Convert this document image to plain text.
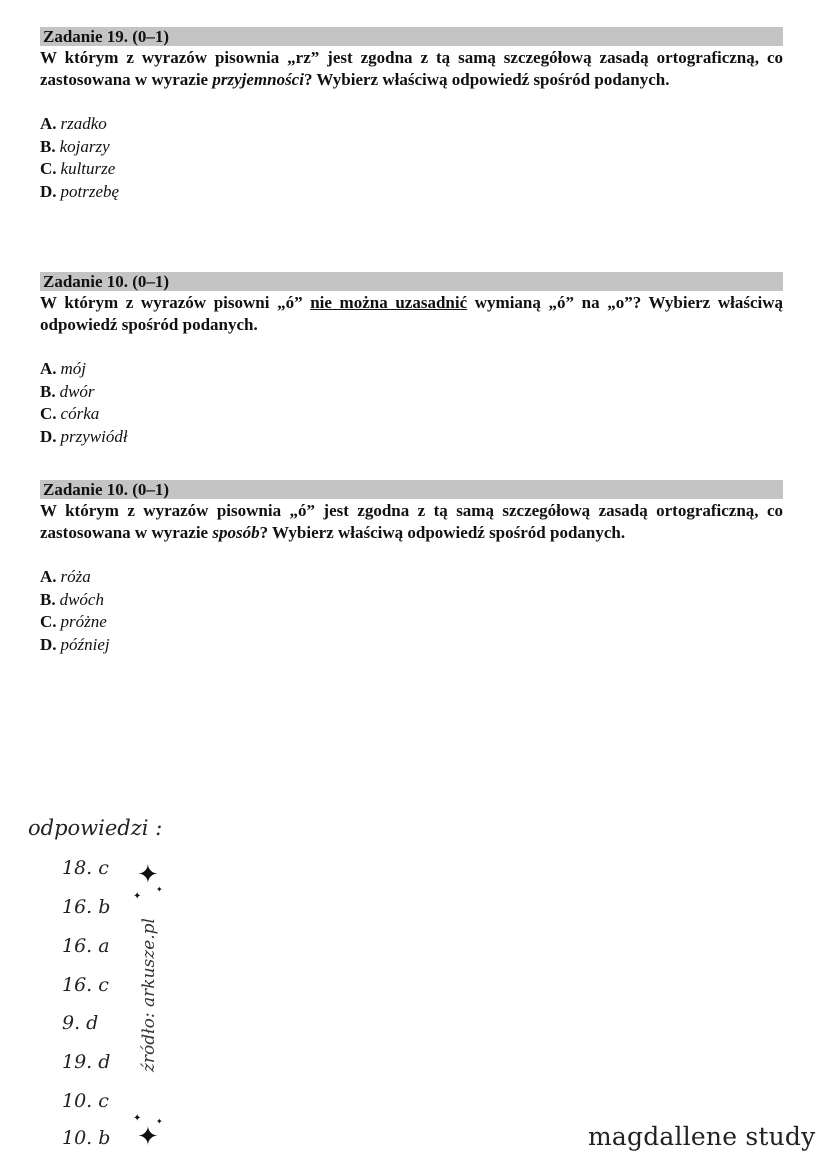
Zadanie 19. (0–1)

W którym z wyrazów pisownia „rz” jest zgodna z tą samą szczegółową zasadą ortograficzną, co zastosowana w wyrazie przyjemności? Wybierz właściwą odpowiedź spośród podanych.

A. rzadko
B. kojarzy
C. kulturze
D. potrzebę
Zadanie 10. (0–1)

W którym z wyrazów pisowni „ó” nie można uzasadnić wymianą „ó” na „o”? Wybierz właściwą odpowiedź spośród podanych.

A. mój
B. dwór
C. córka
D. przywiódł
Zadanie 10. (0–1)

W którym z wyrazów pisownia „ó” jest zgodna z tą samą szczegółową zasadą ortograficzną, co zastosowana w wyrazie sposób? Wybierz właściwą odpowiedź spośród podanych.

A. róża
B. dwóch
C. próżne
D. później
odpowiedzi :
18. c
16. b
16. a
16. c
9. d
19. d
10. c
10. b
źródło: arkusze.pl
✦
✦
✦
✦
✦ ✦
magdallene study
